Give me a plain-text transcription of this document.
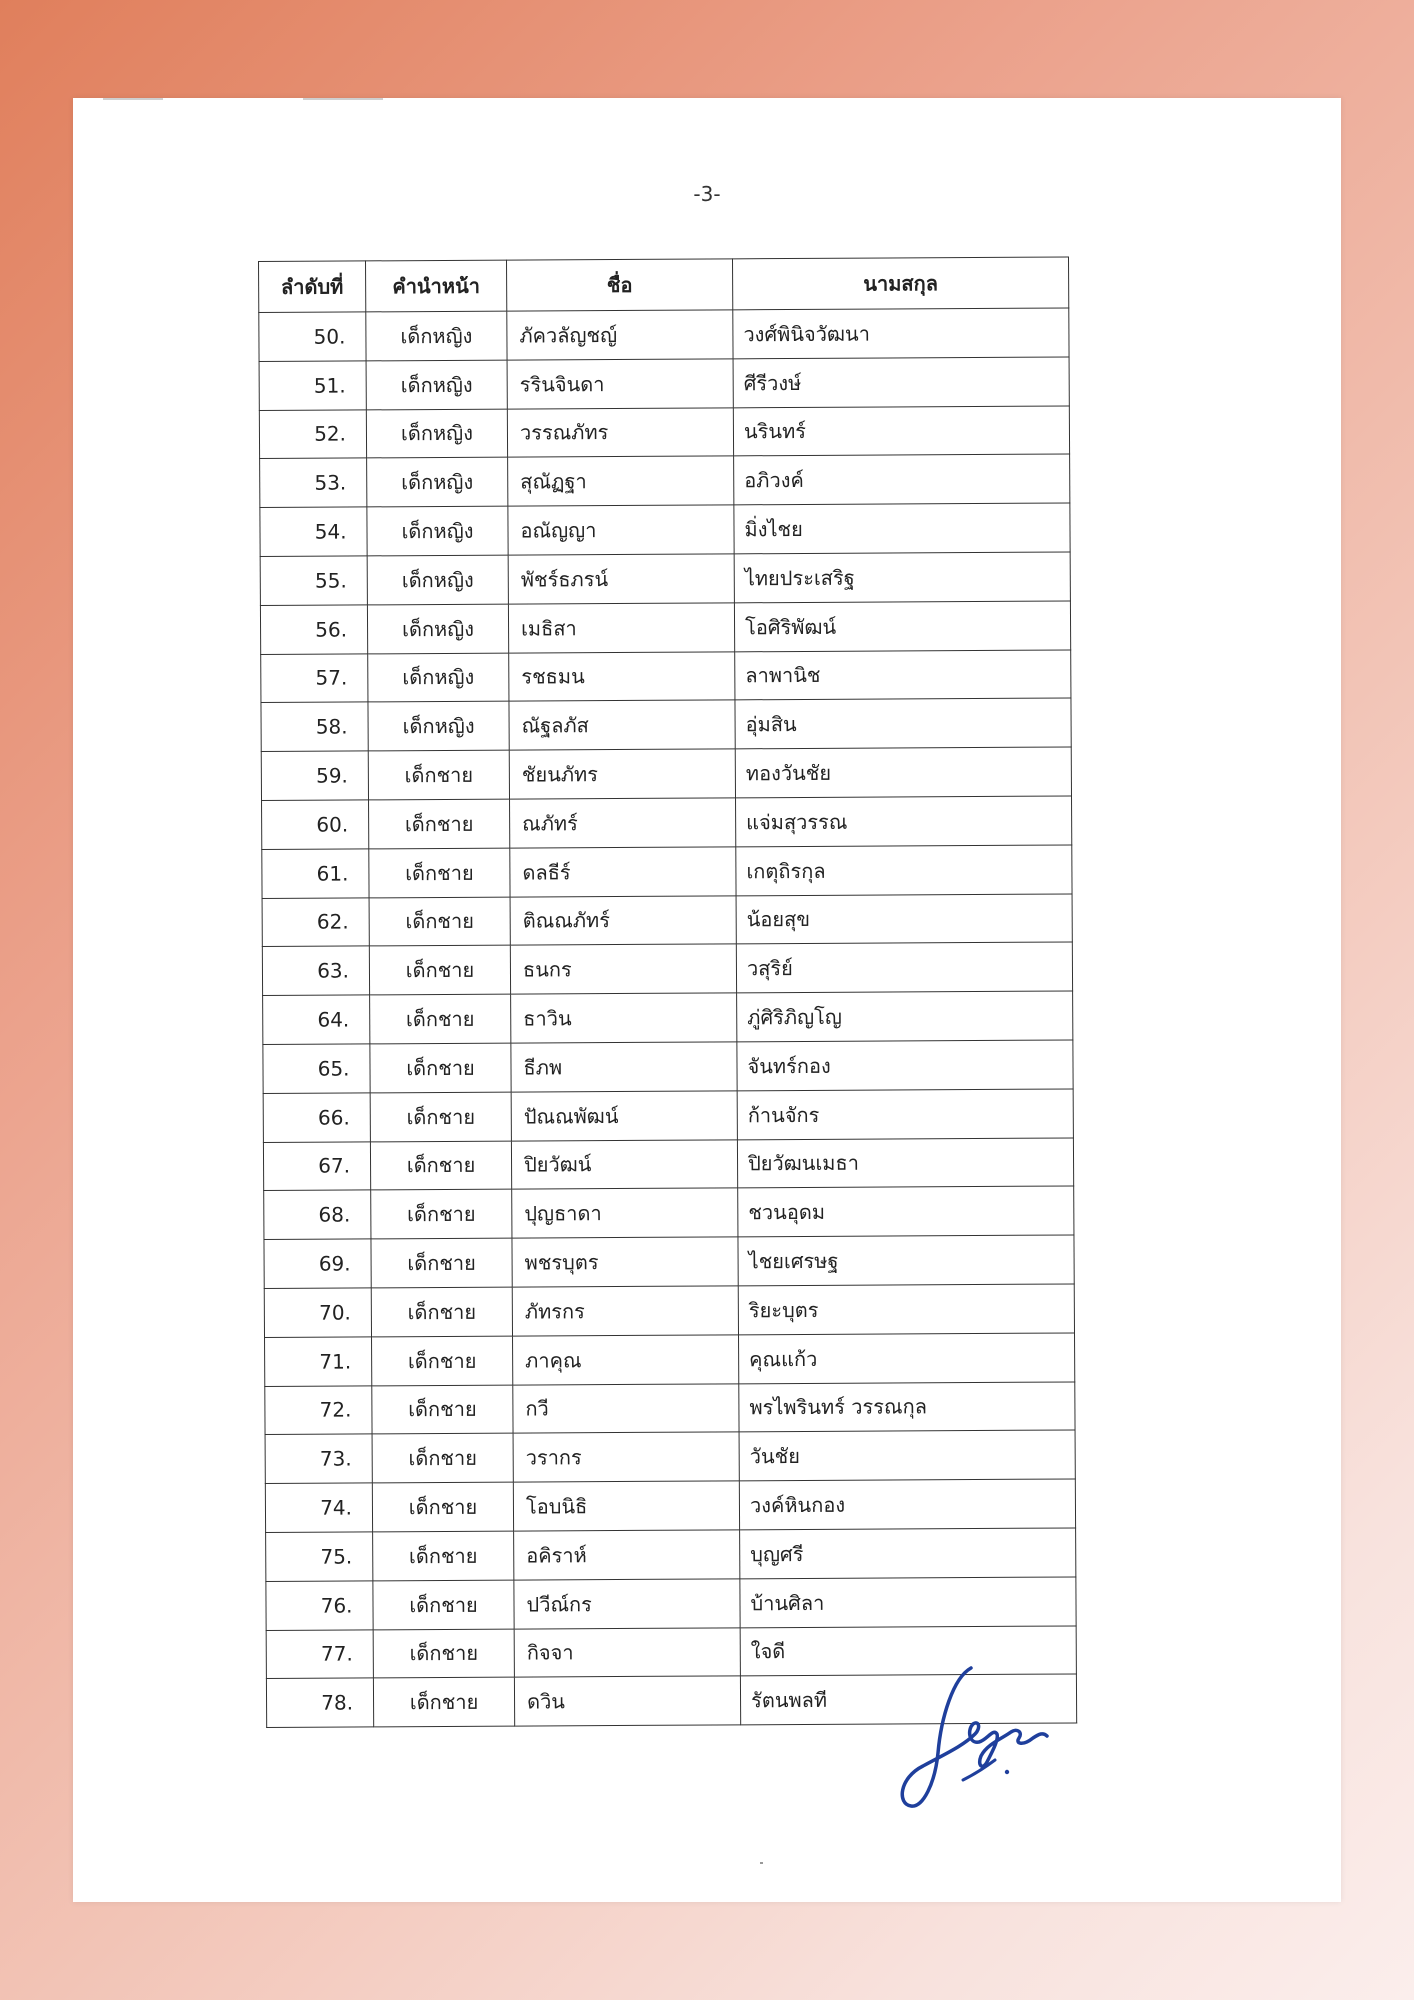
-3-
ลำดับที่	คำนำหน้า	ชื่อ	นามสกุล
50.	เด็กหญิง	ภัควลัญชญ์	วงศ์พินิจวัฒนา
51.	เด็กหญิง	รรินจินดา	ศีรีวงษ์
52.	เด็กหญิง	วรรณภัทร	นรินทร์
53.	เด็กหญิง	สุณัฏฐา	อภิวงค์
54.	เด็กหญิง	อณัญญา	มิ่งไชย
55.	เด็กหญิง	พัชร์ธภรน์	ไทยประเสริฐ
56.	เด็กหญิง	เมธิสา	โอศิริพัฒน์
57.	เด็กหญิง	รชธมน	ลาพานิช
58.	เด็กหญิง	ณัฐลภัส	อุ่มสิน
59.	เด็กชาย	ชัยนภัทร	ทองวันชัย
60.	เด็กชาย	ณภัทร์	แจ่มสุวรรณ
61.	เด็กชาย	ดลธีร์	เกตุถิรกุล
62.	เด็กชาย	ติณณภัทร์	น้อยสุข
63.	เด็กชาย	ธนกร	วสุริย์
64.	เด็กชาย	ธาวิน	ภู่ศิริภิญโญ
65.	เด็กชาย	ธีภพ	จันทร์กอง
66.	เด็กชาย	ปัณณพัฒน์	ก้านจักร
67.	เด็กชาย	ปิยวัฒน์	ปิยวัฒนเมธา
68.	เด็กชาย	ปุญธาดา	ชวนอุดม
69.	เด็กชาย	พชรบุตร	ไชยเศรษฐ
70.	เด็กชาย	ภัทรกร	ริยะบุตร
71.	เด็กชาย	ภาคุณ	คุณแก้ว
72.	เด็กชาย	กวี	พรไพรินทร์ วรรณกุล
73.	เด็กชาย	วรากร	วันชัย
74.	เด็กชาย	โอบนิธิ	วงค์หินกอง
75.	เด็กชาย	อคิราห์	บุญศรี
76.	เด็กชาย	ปวีณ์กร	บ้านศิลา
77.	เด็กชาย	กิจจา	ใจดี
78.	เด็กชาย	ดวิน	รัตนพลที
